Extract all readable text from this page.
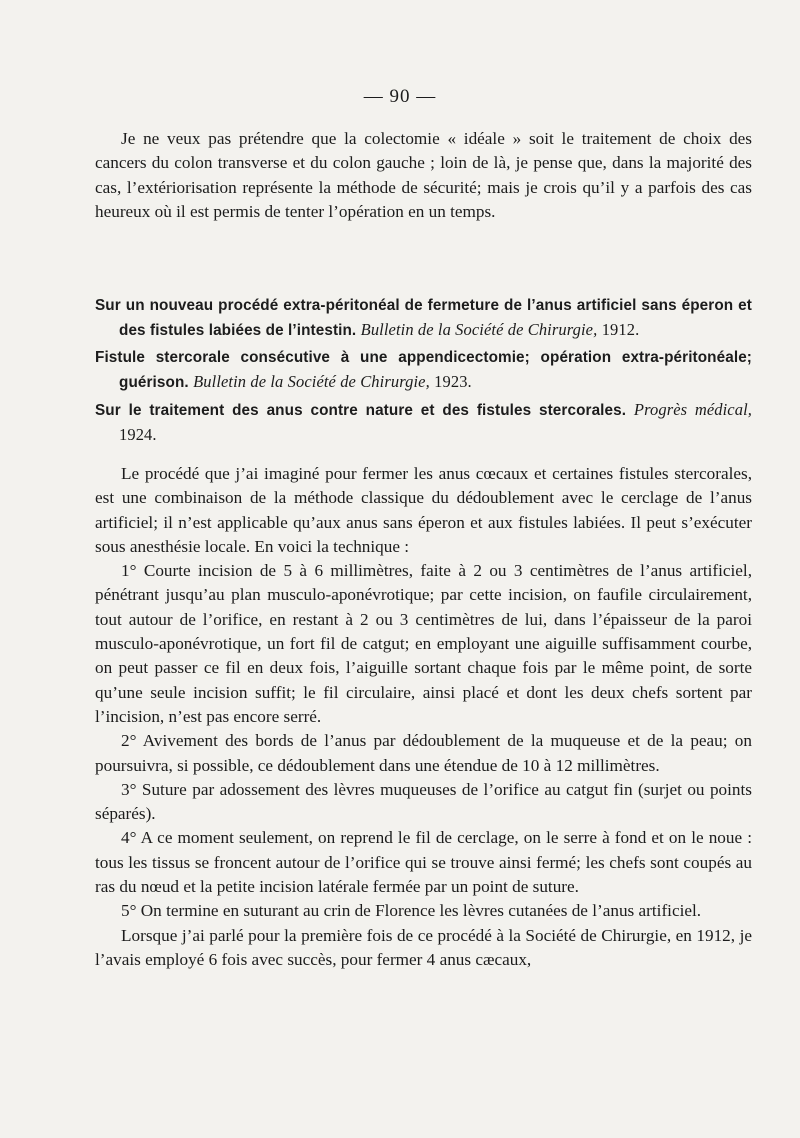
— 90 —

Je ne veux pas prétendre que la colectomie « idéale » soit le traitement de choix des cancers du colon transverse et du colon gauche ; loin de là, je pense que, dans la majorité des cas, l’extériorisation représente la méthode de sécurité; mais je crois qu’il y a parfois des cas heureux où il est permis de tenter l’opération en un temps.

Sur un nouveau procédé extra-péritonéal de fermeture de l’anus artificiel sans éperon et des fistules labiées de l’intestin. Bulletin de la Société de Chirurgie, 1912.

Fistule stercorale consécutive à une appendicectomie; opération extra-péritonéale; guérison. Bulletin de la Société de Chirurgie, 1923.

Sur le traitement des anus contre nature et des fistules stercorales. Progrès médical, 1924.

Le procédé que j’ai imaginé pour fermer les anus cœcaux et certaines fistules stercorales, est une combinaison de la méthode classique du dédoublement avec le cerclage de l’anus artificiel; il n’est applicable qu’aux anus sans éperon et aux fistules labiées. Il peut s’exécuter sous anesthésie locale. En voici la technique :

1° Courte incision de 5 à 6 millimètres, faite à 2 ou 3 centimètres de l’anus artificiel, pénétrant jusqu’au plan musculo-aponévrotique; par cette incision, on faufile circulairement, tout autour de l’orifice, en restant à 2 ou 3 centimètres de lui, dans l’épaisseur de la paroi musculo-aponévrotique, un fort fil de catgut; en employant une aiguille suffisamment courbe, on peut passer ce fil en deux fois, l’aiguille sortant chaque fois par le même point, de sorte qu’une seule incision suffit; le fil circulaire, ainsi placé et dont les deux chefs sortent par l’incision, n’est pas encore serré.

2° Avivement des bords de l’anus par dédoublement de la muqueuse et de la peau; on poursuivra, si possible, ce dédoublement dans une étendue de 10 à 12 millimètres.

3° Suture par adossement des lèvres muqueuses de l’orifice au catgut fin (surjet ou points séparés).

4° A ce moment seulement, on reprend le fil de cerclage, on le serre à fond et on le noue : tous les tissus se froncent autour de l’orifice qui se trouve ainsi fermé; les chefs sont coupés au ras du nœud et la petite incision latérale fermée par un point de suture.

5° On termine en suturant au crin de Florence les lèvres cutanées de l’anus artificiel.

Lorsque j’ai parlé pour la première fois de ce procédé à la Société de Chirurgie, en 1912, je l’avais employé 6 fois avec succès, pour fermer 4 anus cæcaux,
